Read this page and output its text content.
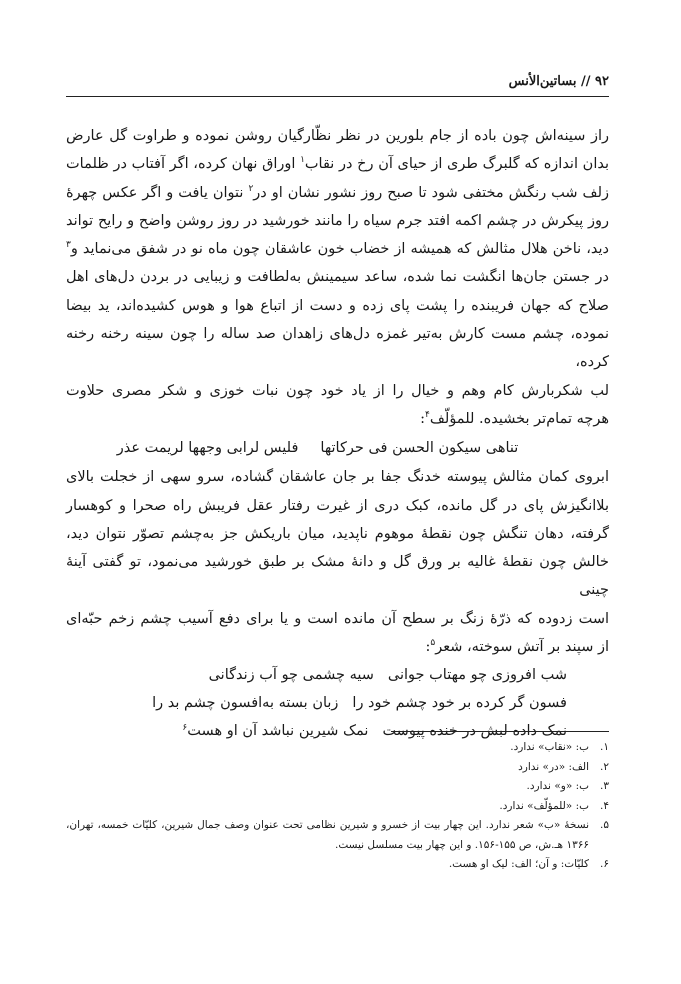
۹۲ // بساتین‌الأنس

راز سینه‌اش چون باده از جام بلورین در نظر نظّارگیان روشن نموده و طراوت گل عارض

بدان اندازه که گلبرگ طری از حیای آن رخ در نقاب$^۱$ اوراق نهان کرده، اگر آفتاب در ظلمات

زلف شب رنگش مختفی شود تا صبح روز نشور نشان او در$^۲$ نتوان یافت و اگر عکس چهرهٔ

روز پیکرش در چشم اکمه افتد جرم سیاه را مانند خورشید در روز روشن واضح و رایح تواند

دید، ناخن هلال مثالش که همیشه از خضاب خون عاشقان چون ماه نو در شفق می‌نماید و$^۳$

در جستن جان‌ها انگشت نما شده، ساعد سیمینش به‌لطافت و زیبایی در بردن دل‌های اهل

صلاح که جهان فریبنده را پشت پای زده و دست از اتباع هوا و هوس کشیده‌اند، ید بیضا

نموده، چشم مست کارش به‌تیر غمزه دل‌های زاهدان صد ساله را چون سینه رخنه رخنه کرده،

لب شکربارش کام وهم و خیال را از یاد خود چون نبات خوزی و شکر مصری حلاوت

هرچه تمام‌تر بخشیده. للمؤلّف$^۴$:

تناهی سیکون الحسن فی حرکاتها
فلیس لرابی وجهها لریمت عذر

ابروی کمان مثالش پیوسته خدنگ جفا بر جان عاشقان گشاده، سرو سهی از خجلت بالای

بلاانگیزش پای در گل مانده، کبک دری از غیرت رفتار عقل فریبش راه صحرا و کوهسار

گرفته، دهان تنگش چون نقطهٔ موهوم ناپدید، میان باریکش جز به‌چشم تصوّر نتوان دید،

خالش چون نقطهٔ غالیه بر ورق گل و دانهٔ مشک بر طبق خورشید می‌نمود، تو گفتی آینهٔ چینی

است زدوده که ذرّهٔ زنگ بر سطح آن مانده است و یا برای دفع آسیب چشم زخم حبّه‌ای

از سپند بر آتش سوخته، شعر$^۵$:

شب افروزی چو مهتاب جوانی
سیه چشمی چو آب زندگانی
فسون گر کرده بر خود چشم خود را
زبان بسته به‌افسون چشم بد را
نمک داده لبش در خنده پیوست
نمک شیرین نباشد آن او هست۶
۱.
ب: «نقاب» ندارد.
۲.
الف: «در» ندارد
۳.
ب: «و» ندارد.
۴.
ب: «للمؤلّف» ندارد.
۵.
نسخهٔ «ب» شعر ندارد. این چهار بیت از خسرو و شیرین نظامی تحت عنوان وصف جمال شیرین، کلیّات خمسه، تهران، ۱۳۶۶ هـ.ش، ص ۱۵۵-۱۵۶. و این چهار بیت مسلسل نیست.
۶.
کلیّات: و آن؛ الف: لیک او هست.
